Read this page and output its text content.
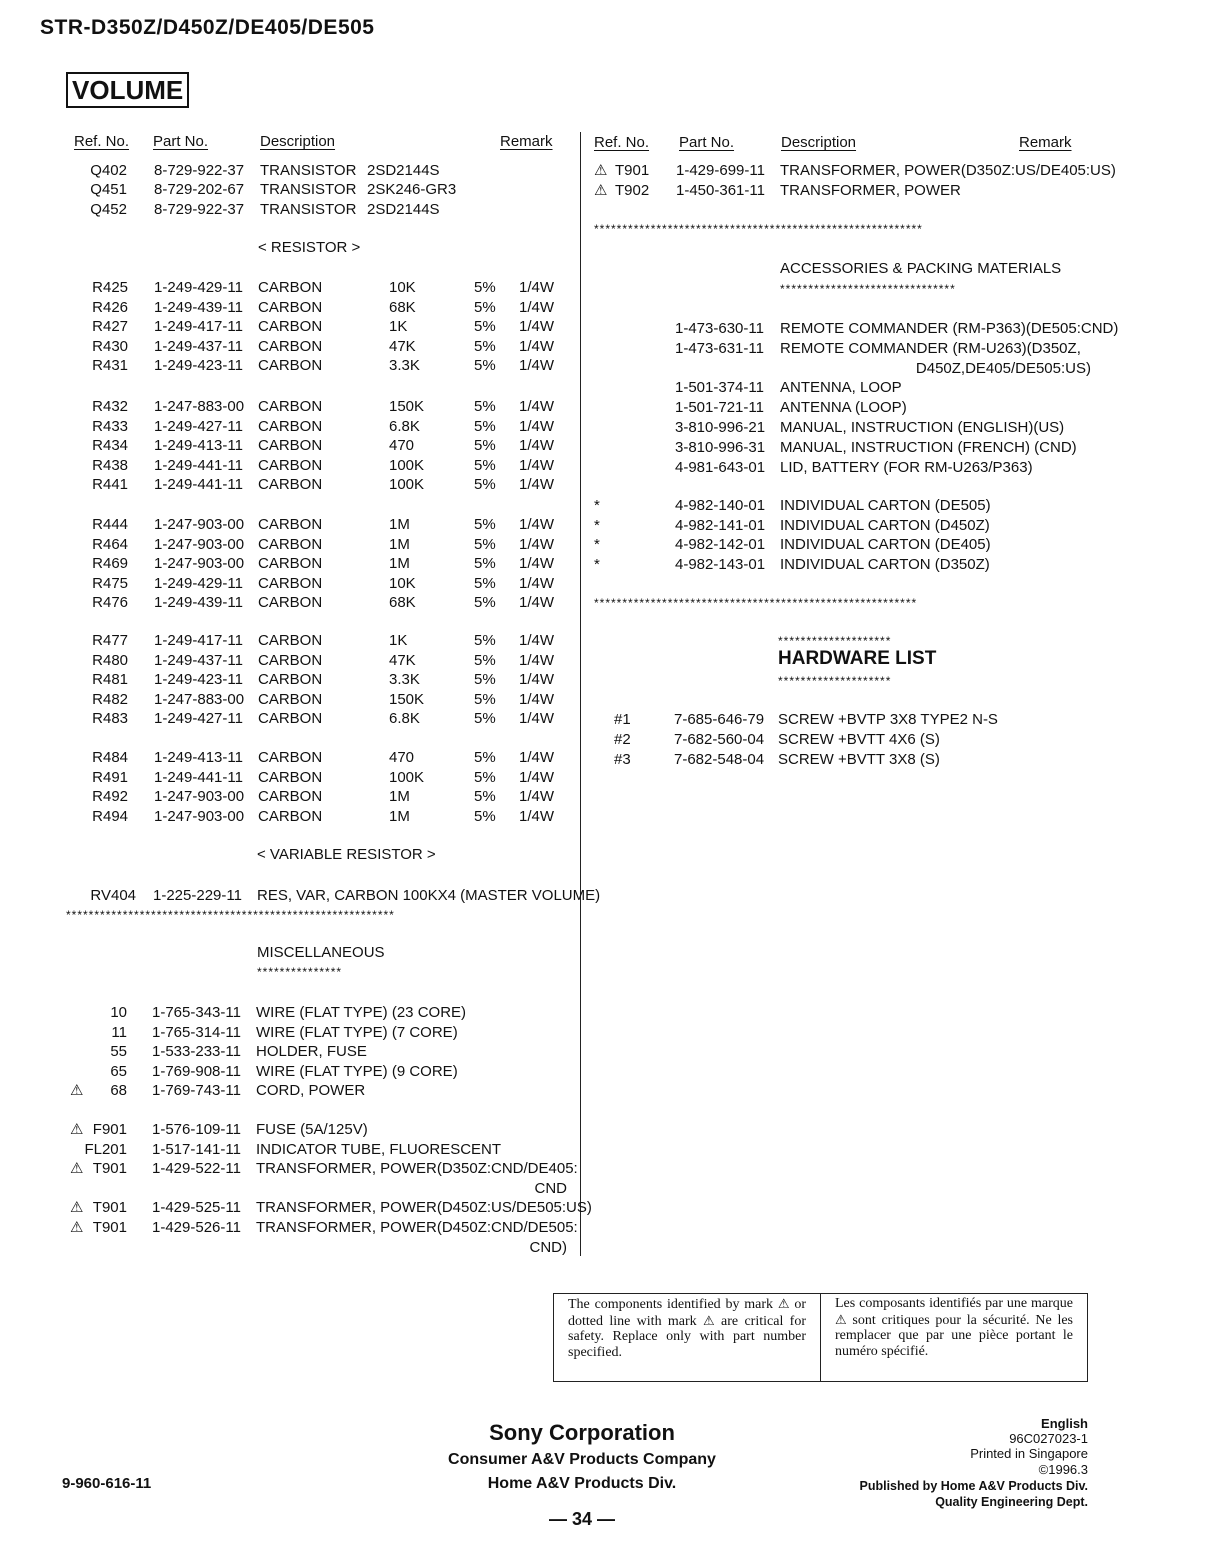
STR-D350Z/D450Z/DE405/DE505
VOLUME
Ref. No. Part No.	Description	Remark	Ref. No. Part No.	Description	Remark
Q402 8-729-922-37 TRANSISTOR 2SD2144S
Q451 8-729-202-67 TRANSISTOR 2SK246-GR3
Q452 8-729-922-37 TRANSISTOR 2SD2144S
< RESISTOR >
R425 1-249-429-11 CARBON	10K	5% 1/4W
R426 1-249-439-11 CARBON	68K	5% 1/4W
R427 1-249-417-11 CARBON	1K	5% 1/4W
R430 1-249-437-11 CARBON	47K	5% 1/4W
R431 1-249-423-11 CARBON	3.3K	5% 1/4W
R432 1-247-883-00 CARBON	150K	5% 1/4W
R433 1-249-427-11 CARBON	6.8K	5% 1/4W
R434 1-249-413-11 CARBON	470	5% 1/4W
R438 1-249-441-11 CARBON	100K	5% 1/4W
R441 1-249-441-11 CARBON	100K	5% 1/4W
R444 1-247-903-00 CARBON	1M	5% 1/4W
R464 1-247-903-00 CARBON	1M	5% 1/4W
R469 1-247-903-00 CARBON	1M	5% 1/4W
R475 1-249-429-11 CARBON	10K	5% 1/4W
R476 1-249-439-11 CARBON	68K	5% 1/4W
R477 1-249-417-11 CARBON	1K	5% 1/4W
R480 1-249-437-11 CARBON	47K	5% 1/4W
R481 1-249-423-11 CARBON	3.3K	5% 1/4W
R482 1-247-883-00 CARBON	150K	5% 1/4W
R483 1-249-427-11 CARBON	6.8K	5% 1/4W
R484 1-249-413-11 CARBON	470	5% 1/4W
R491 1-249-441-11 CARBON	100K	5% 1/4W
R492 1-247-903-00 CARBON	1M	5% 1/4W
R494 1-247-903-00 CARBON	1M	5% 1/4W
< VARIABLE RESISTOR >
RV404 1-225-229-11 RES, VAR, CARBON 100KX4 (MASTER VOLUME)
**********************************************************
MISCELLANEOUS
***************
10 1-765-343-11 WIRE (FLAT TYPE) (23 CORE)
11 1-765-314-11 WIRE (FLAT TYPE) (7 CORE)
55 1-533-233-11 HOLDER, FUSE
65 1-769-908-11 WIRE (FLAT TYPE) (9 CORE)
⚠	68 1-769-743-11 CORD, POWER
⚠ F901 1-576-109-11 FUSE (5A/125V)
FL201 1-517-141-11 INDICATOR TUBE, FLUORESCENT
⚠ T901 1-429-522-11 TRANSFORMER, POWER(D350Z:CND/DE405:
CND
⚠ T901 1-429-525-11 TRANSFORMER, POWER(D450Z:US/DE505:US)
⚠ T901 1-429-526-11 TRANSFORMER, POWER(D450Z:CND/DE505:
CND)
⚠ T901 1-429-699-11 TRANSFORMER, POWER(D350Z:US/DE405:US)
⚠ T902 1-450-361-11 TRANSFORMER, POWER
**********************************************************
ACCESSORIES & PACKING MATERIALS
*******************************
1-473-630-11 REMOTE COMMANDER (RM-P363)(DE505:CND)
1-473-631-11 REMOTE COMMANDER (RM-U263)(D350Z,
D450Z,DE405/DE505:US)
1-501-374-11 ANTENNA, LOOP
1-501-721-11 ANTENNA (LOOP)
3-810-996-21 MANUAL, INSTRUCTION (ENGLISH)(US)
3-810-996-31 MANUAL, INSTRUCTION (FRENCH) (CND)
4-981-643-01 LID, BATTERY (FOR RM-U263/P363)
*	4-982-140-01 INDIVIDUAL CARTON (DE505)
*	4-982-141-01 INDIVIDUAL CARTON (D450Z)
*	4-982-142-01 INDIVIDUAL CARTON (DE405)
*	4-982-143-01 INDIVIDUAL CARTON (D350Z)
*********************************************************
********************
HARDWARE LIST
********************
#1	7-685-646-79 SCREW +BVTP 3X8 TYPE2 N-S
#2	7-682-560-04 SCREW +BVTT 4X6 (S)
#3	7-682-548-04 SCREW +BVTT 3X8 (S)
The components identified by mark ⚠ or dotted line with mark ⚠ are critical for safety. Replace only with part number specified.
Les composants identifiés par une marque ⚠ sont critiques pour la sécurité. Ne les remplacer que par une pièce portant le numéro spécifié.
9-960-616-11
Sony Corporation
Consumer A&V Products Company
Home A&V Products Div.
— 34 —
English
96C027023-1
Printed in Singapore
©1996.3
Published by Home A&V Products Div.
Quality Engineering Dept.
